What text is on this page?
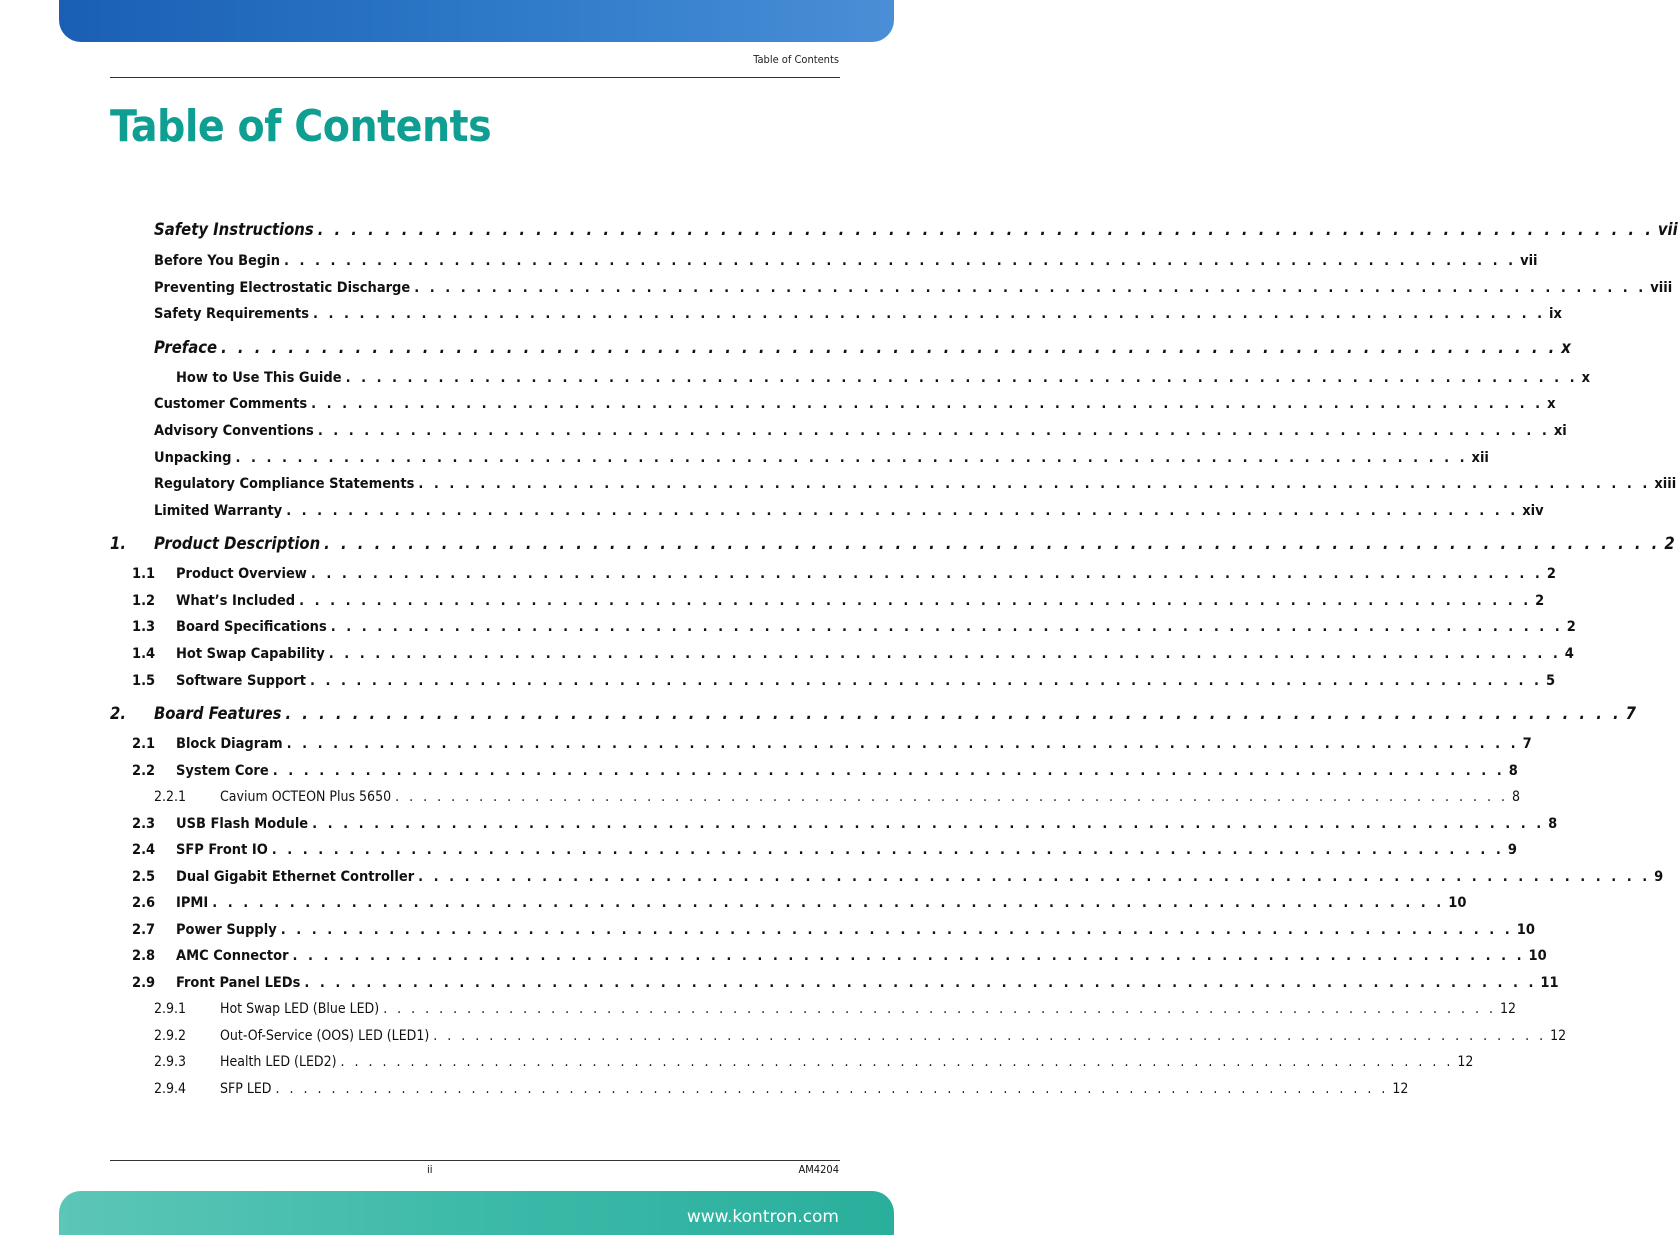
Table of Contents
Table of Contents
Safety Instructions . . . . . . . . . . . . . . . . . . . . . . . . . . . . . . . . . . . . . . . . . . . . . . . . . . . . . . . . . . . . . . . . . . . . . . . . . . . . . . . . vii
Before You Begin . . . . . . . . . . . . . . . . . . . . . . . . . . . . . . . . . . . . . . . . . . . . . . . . . . . . . . . . . . . . . . . . . . . . . . . . . . . . . . . . vii
Preventing Electrostatic Discharge . . . . . . . . . . . . . . . . . . . . . . . . . . . . . . . . . . . . . . . . . . . . . . . . . . . . . . . . . . . . . . . . . . . . . . . . . . . . . . . . viii
Safety Requirements . . . . . . . . . . . . . . . . . . . . . . . . . . . . . . . . . . . . . . . . . . . . . . . . . . . . . . . . . . . . . . . . . . . . . . . . . . . . . . . . ix
Preface . . . . . . . . . . . . . . . . . . . . . . . . . . . . . . . . . . . . . . . . . . . . . . . . . . . . . . . . . . . . . . . . . . . . . . . . . . . . . . . . x
How to Use This Guide . . . . . . . . . . . . . . . . . . . . . . . . . . . . . . . . . . . . . . . . . . . . . . . . . . . . . . . . . . . . . . . . . . . . . . . . . . . . . . . . x
Customer Comments . . . . . . . . . . . . . . . . . . . . . . . . . . . . . . . . . . . . . . . . . . . . . . . . . . . . . . . . . . . . . . . . . . . . . . . . . . . . . . . . x
Advisory Conventions . . . . . . . . . . . . . . . . . . . . . . . . . . . . . . . . . . . . . . . . . . . . . . . . . . . . . . . . . . . . . . . . . . . . . . . . . . . . . . . . xi
Unpacking . . . . . . . . . . . . . . . . . . . . . . . . . . . . . . . . . . . . . . . . . . . . . . . . . . . . . . . . . . . . . . . . . . . . . . . . . . . . . . . . xii
Regulatory Compliance Statements . . . . . . . . . . . . . . . . . . . . . . . . . . . . . . . . . . . . . . . . . . . . . . . . . . . . . . . . . . . . . . . . . . . . . . . . . . . . . . . . xiii
Limited Warranty . . . . . . . . . . . . . . . . . . . . . . . . . . . . . . . . . . . . . . . . . . . . . . . . . . . . . . . . . . . . . . . . . . . . . . . . . . . . . . . . xiv
1. Product Description . . . . . . . . . . . . . . . . . . . . . . . . . . . . . . . . . . . . . . . . . . . . . . . . . . . . . . . . . . . . . . . . . . . . . . . . . . . . . . . . 2
1.1 Product Overview . . . . . . . . . . . . . . . . . . . . . . . . . . . . . . . . . . . . . . . . . . . . . . . . . . . . . . . . . . . . . . . . . . . . . . . . . . . . . . . . 2
1.2 What’s Included . . . . . . . . . . . . . . . . . . . . . . . . . . . . . . . . . . . . . . . . . . . . . . . . . . . . . . . . . . . . . . . . . . . . . . . . . . . . . . . . 2
1.3 Board Specifications . . . . . . . . . . . . . . . . . . . . . . . . . . . . . . . . . . . . . . . . . . . . . . . . . . . . . . . . . . . . . . . . . . . . . . . . . . . . . . . . 2
1.4 Hot Swap Capability . . . . . . . . . . . . . . . . . . . . . . . . . . . . . . . . . . . . . . . . . . . . . . . . . . . . . . . . . . . . . . . . . . . . . . . . . . . . . . . . 4
1.5 Software Support . . . . . . . . . . . . . . . . . . . . . . . . . . . . . . . . . . . . . . . . . . . . . . . . . . . . . . . . . . . . . . . . . . . . . . . . . . . . . . . . 5
2. Board Features . . . . . . . . . . . . . . . . . . . . . . . . . . . . . . . . . . . . . . . . . . . . . . . . . . . . . . . . . . . . . . . . . . . . . . . . . . . . . . . . 7
2.1 Block Diagram . . . . . . . . . . . . . . . . . . . . . . . . . . . . . . . . . . . . . . . . . . . . . . . . . . . . . . . . . . . . . . . . . . . . . . . . . . . . . . . . 7
2.2 System Core . . . . . . . . . . . . . . . . . . . . . . . . . . . . . . . . . . . . . . . . . . . . . . . . . . . . . . . . . . . . . . . . . . . . . . . . . . . . . . . . 8
2.2.1 Cavium OCTEON Plus 5650 . . . . . . . . . . . . . . . . . . . . . . . . . . . . . . . . . . . . . . . . . . . . . . . . . . . . . . . . . . . . . . . . . . . . . . . . . . . . . . . . 8
2.3 USB Flash Module . . . . . . . . . . . . . . . . . . . . . . . . . . . . . . . . . . . . . . . . . . . . . . . . . . . . . . . . . . . . . . . . . . . . . . . . . . . . . . . . 8
2.4 SFP Front IO . . . . . . . . . . . . . . . . . . . . . . . . . . . . . . . . . . . . . . . . . . . . . . . . . . . . . . . . . . . . . . . . . . . . . . . . . . . . . . . . 9
2.5 Dual Gigabit Ethernet Controller . . . . . . . . . . . . . . . . . . . . . . . . . . . . . . . . . . . . . . . . . . . . . . . . . . . . . . . . . . . . . . . . . . . . . . . . . . . . . . . . 9
2.6 IPMI . . . . . . . . . . . . . . . . . . . . . . . . . . . . . . . . . . . . . . . . . . . . . . . . . . . . . . . . . . . . . . . . . . . . . . . . . . . . . . . . 10
2.7 Power Supply . . . . . . . . . . . . . . . . . . . . . . . . . . . . . . . . . . . . . . . . . . . . . . . . . . . . . . . . . . . . . . . . . . . . . . . . . . . . . . . . 10
2.8 AMC Connector . . . . . . . . . . . . . . . . . . . . . . . . . . . . . . . . . . . . . . . . . . . . . . . . . . . . . . . . . . . . . . . . . . . . . . . . . . . . . . . . 10
2.9 Front Panel LEDs . . . . . . . . . . . . . . . . . . . . . . . . . . . . . . . . . . . . . . . . . . . . . . . . . . . . . . . . . . . . . . . . . . . . . . . . . . . . . . . . 11
2.9.1 Hot Swap LED (Blue LED) . . . . . . . . . . . . . . . . . . . . . . . . . . . . . . . . . . . . . . . . . . . . . . . . . . . . . . . . . . . . . . . . . . . . . . . . . . . . . . . . 12
2.9.2 Out-Of-Service (OOS) LED (LED1) . . . . . . . . . . . . . . . . . . . . . . . . . . . . . . . . . . . . . . . . . . . . . . . . . . . . . . . . . . . . . . . . . . . . . . . . . . . . . . . . 12
2.9.3 Health LED (LED2) . . . . . . . . . . . . . . . . . . . . . . . . . . . . . . . . . . . . . . . . . . . . . . . . . . . . . . . . . . . . . . . . . . . . . . . . . . . . . . . . 12
2.9.4 SFP LED . . . . . . . . . . . . . . . . . . . . . . . . . . . . . . . . . . . . . . . . . . . . . . . . . . . . . . . . . . . . . . . . . . . . . . . . . . . . . . . . 12
ii	AM4204
www.kontron.com
